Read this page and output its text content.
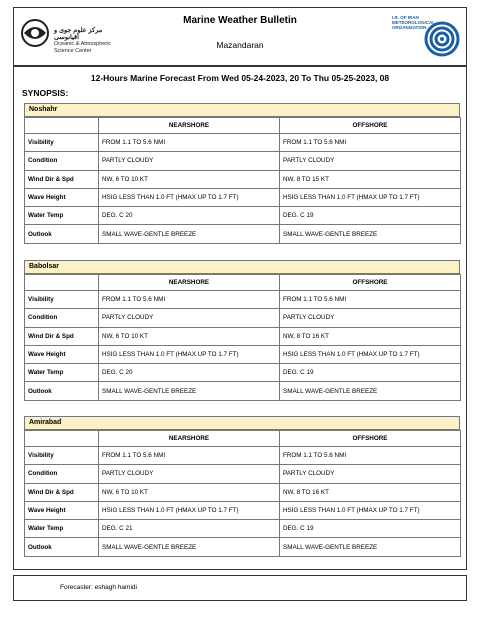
مرکز علوم جوی و اقیانوسی
Oceanic & Atmospheric Science Center
Marine Weather Bulletin
Mazandaran
I.R. OF IRAN METEOROLOGICAL ORGANIZATION
12-Hours Marine Forecast From Wed 05-24-2023, 20 To Thu 05-25-2023, 08
SYNOPSIS:
Noshahr
	NEARSHORE	OFFSHORE
Visibility	FROM 1.1 TO 5.6 NMI	FROM 1.1 TO 5.6 NMI
Condition	PARTLY CLOUDY	PARTLY CLOUDY
Wind Dir & Spd	NW, 6 TO 10 KT	NW, 8 TO 15 KT
Wave Height	HSIG LESS THAN 1.0 FT (HMAX UP TO 1.7 FT)	HSIG LESS THAN 1.0 FT (HMAX UP TO 1.7 FT)
Water Temp	DEG. C 20	DEG. C 19
Outlook	SMALL WAVE-GENTLE BREEZE	SMALL WAVE-GENTLE BREEZE
Babolsar
	NEARSHORE	OFFSHORE
Visibility	FROM 1.1 TO 5.6 NMI	FROM 1.1 TO 5.6 NMI
Condition	PARTLY CLOUDY	PARTLY CLOUDY
Wind Dir & Spd	NW, 6 TO 10 KT	NW, 8 TO 16 KT
Wave Height	HSIG LESS THAN 1.0 FT (HMAX UP TO 1.7 FT)	HSIG LESS THAN 1.0 FT (HMAX UP TO 1.7 FT)
Water Temp	DEG. C 20	DEG. C 19
Outlook	SMALL WAVE-GENTLE BREEZE	SMALL WAVE-GENTLE BREEZE
Amirabad
	NEARSHORE	OFFSHORE
Visibility	FROM 1.1 TO 5.6 NMI	FROM 1.1 TO 5.6 NMI
Condition	PARTLY CLOUDY	PARTLY CLOUDY
Wind Dir & Spd	NW, 6 TO 10 KT	NW, 8 TO 16 KT
Wave Height	HSIG LESS THAN 1.0 FT (HMAX UP TO 1.7 FT)	HSIG LESS THAN 1.0 FT (HMAX UP TO 1.7 FT)
Water Temp	DEG. C 21	DEG. C 19
Outlook	SMALL WAVE-GENTLE BREEZE	SMALL WAVE-GENTLE BREEZE
Forecaster: eshagh hamidi
